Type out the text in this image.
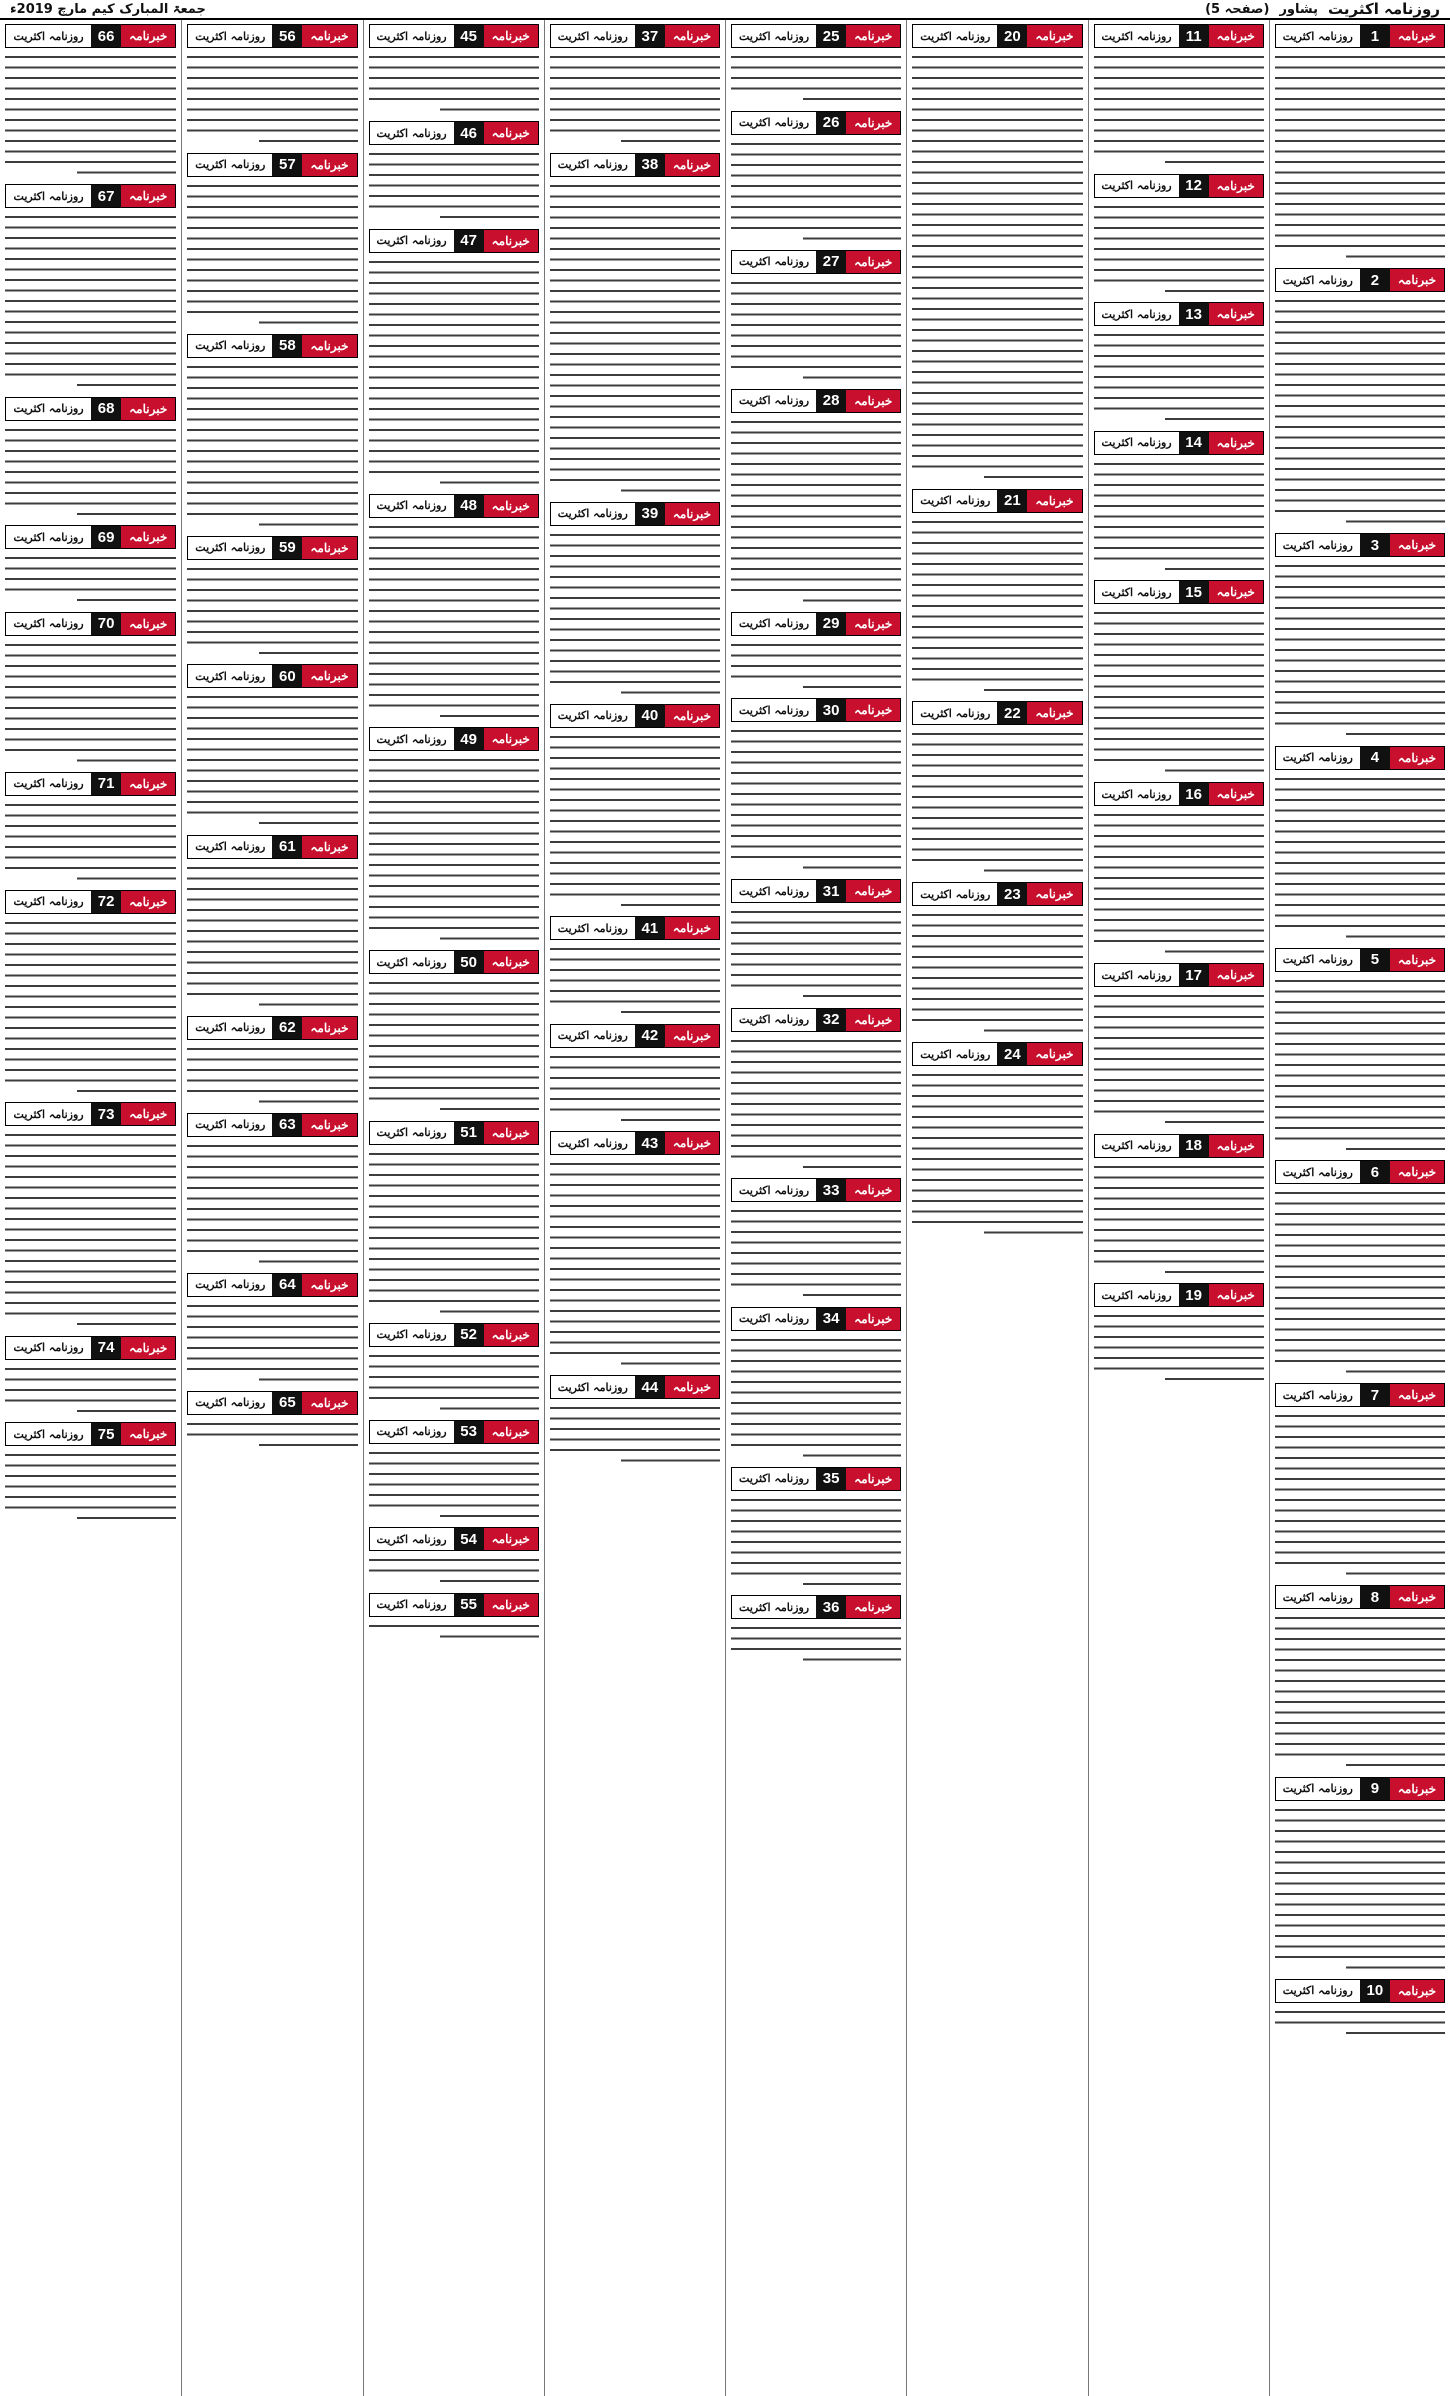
روزنامہ اکثریت
پشاور
(صفحہ 5)
جمعۃ المبارک کیم مارچ 2019ء
خبرنامہ
1
روزنامہ اکثریت
خبرنامہ
2
روزنامہ اکثریت
خبرنامہ
3
روزنامہ اکثریت
خبرنامہ
4
روزنامہ اکثریت
خبرنامہ
5
روزنامہ اکثریت
خبرنامہ
6
روزنامہ اکثریت
خبرنامہ
7
روزنامہ اکثریت
خبرنامہ
8
روزنامہ اکثریت
خبرنامہ
9
روزنامہ اکثریت
خبرنامہ
10
روزنامہ اکثریت
خبرنامہ
11
روزنامہ اکثریت
خبرنامہ
12
روزنامہ اکثریت
خبرنامہ
13
روزنامہ اکثریت
خبرنامہ
14
روزنامہ اکثریت
خبرنامہ
15
روزنامہ اکثریت
خبرنامہ
16
روزنامہ اکثریت
خبرنامہ
17
روزنامہ اکثریت
خبرنامہ
18
روزنامہ اکثریت
خبرنامہ
19
روزنامہ اکثریت
خبرنامہ
20
روزنامہ اکثریت
خبرنامہ
21
روزنامہ اکثریت
خبرنامہ
22
روزنامہ اکثریت
خبرنامہ
23
روزنامہ اکثریت
خبرنامہ
24
روزنامہ اکثریت
خبرنامہ
25
روزنامہ اکثریت
خبرنامہ
26
روزنامہ اکثریت
خبرنامہ
27
روزنامہ اکثریت
خبرنامہ
28
روزنامہ اکثریت
خبرنامہ
29
روزنامہ اکثریت
خبرنامہ
30
روزنامہ اکثریت
خبرنامہ
31
روزنامہ اکثریت
خبرنامہ
32
روزنامہ اکثریت
خبرنامہ
33
روزنامہ اکثریت
خبرنامہ
34
روزنامہ اکثریت
خبرنامہ
35
روزنامہ اکثریت
خبرنامہ
36
روزنامہ اکثریت
خبرنامہ
37
روزنامہ اکثریت
خبرنامہ
38
روزنامہ اکثریت
خبرنامہ
39
روزنامہ اکثریت
خبرنامہ
40
روزنامہ اکثریت
خبرنامہ
41
روزنامہ اکثریت
خبرنامہ
42
روزنامہ اکثریت
خبرنامہ
43
روزنامہ اکثریت
خبرنامہ
44
روزنامہ اکثریت
خبرنامہ
45
روزنامہ اکثریت
خبرنامہ
46
روزنامہ اکثریت
خبرنامہ
47
روزنامہ اکثریت
خبرنامہ
48
روزنامہ اکثریت
خبرنامہ
49
روزنامہ اکثریت
خبرنامہ
50
روزنامہ اکثریت
خبرنامہ
51
روزنامہ اکثریت
خبرنامہ
52
روزنامہ اکثریت
خبرنامہ
53
روزنامہ اکثریت
خبرنامہ
54
روزنامہ اکثریت
خبرنامہ
55
روزنامہ اکثریت
خبرنامہ
56
روزنامہ اکثریت
خبرنامہ
57
روزنامہ اکثریت
خبرنامہ
58
روزنامہ اکثریت
خبرنامہ
59
روزنامہ اکثریت
خبرنامہ
60
روزنامہ اکثریت
خبرنامہ
61
روزنامہ اکثریت
خبرنامہ
62
روزنامہ اکثریت
خبرنامہ
63
روزنامہ اکثریت
خبرنامہ
64
روزنامہ اکثریت
خبرنامہ
65
روزنامہ اکثریت
خبرنامہ
66
روزنامہ اکثریت
خبرنامہ
67
روزنامہ اکثریت
خبرنامہ
68
روزنامہ اکثریت
خبرنامہ
69
روزنامہ اکثریت
خبرنامہ
70
روزنامہ اکثریت
خبرنامہ
71
روزنامہ اکثریت
خبرنامہ
72
روزنامہ اکثریت
خبرنامہ
73
روزنامہ اکثریت
خبرنامہ
74
روزنامہ اکثریت
خبرنامہ
75
روزنامہ اکثریت
